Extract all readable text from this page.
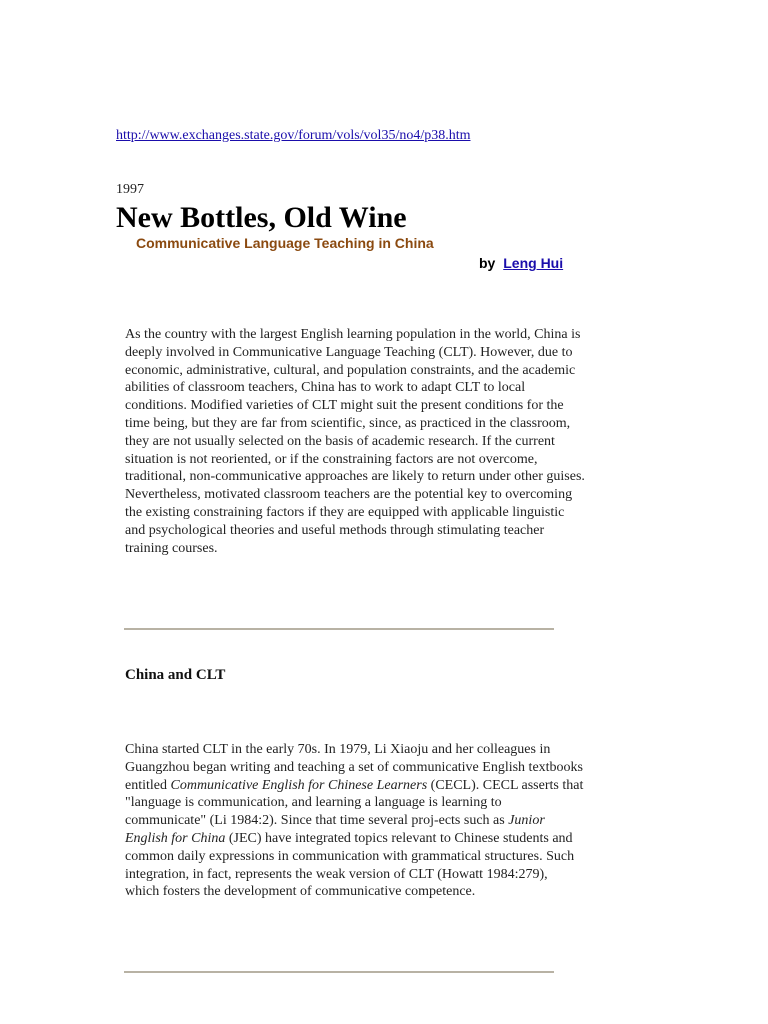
http://www.exchanges.state.gov/forum/vols/vol35/no4/p38.htm
1997
New Bottles, Old Wine
Communicative Language Teaching in China
by Leng Hui

As the country with the largest English learning population in the world, China is deeply involved in Communicative Language Teaching (CLT). However, due to economic, administrative, cultural, and population constraints, and the academic abilities of classroom teachers, China has to work to adapt CLT to local conditions. Modified varieties of CLT might suit the present conditions for the time being, but they are far from scientific, since, as practiced in the classroom, they are not usually selected on the basis of academic research. If the current situation is not reoriented, or if the constraining factors are not overcome, traditional, non-communicative approaches are likely to return under other guises. Nevertheless, motivated classroom teachers are the potential key to overcoming the existing constraining factors if they are equipped with applicable linguistic and psychological theories and useful methods through stimulating teacher training courses.

China and CLT

China started CLT in the early 70s. In 1979, Li Xiaoju and her colleagues in Guangzhou began writing and teaching a set of communicative English textbooks entitled Communicative English for Chinese Learners (CECL). CECL asserts that "language is communication, and learning a language is learning to communicate" (Li 1984:2). Since that time several proj-ects such as Junior English for China (JEC) have integrated topics relevant to Chinese students and common daily expressions in communication with grammatical structures. Such integration, in fact, represents the weak version of CLT (Howatt 1984:279), which fosters the development of communicative competence.
